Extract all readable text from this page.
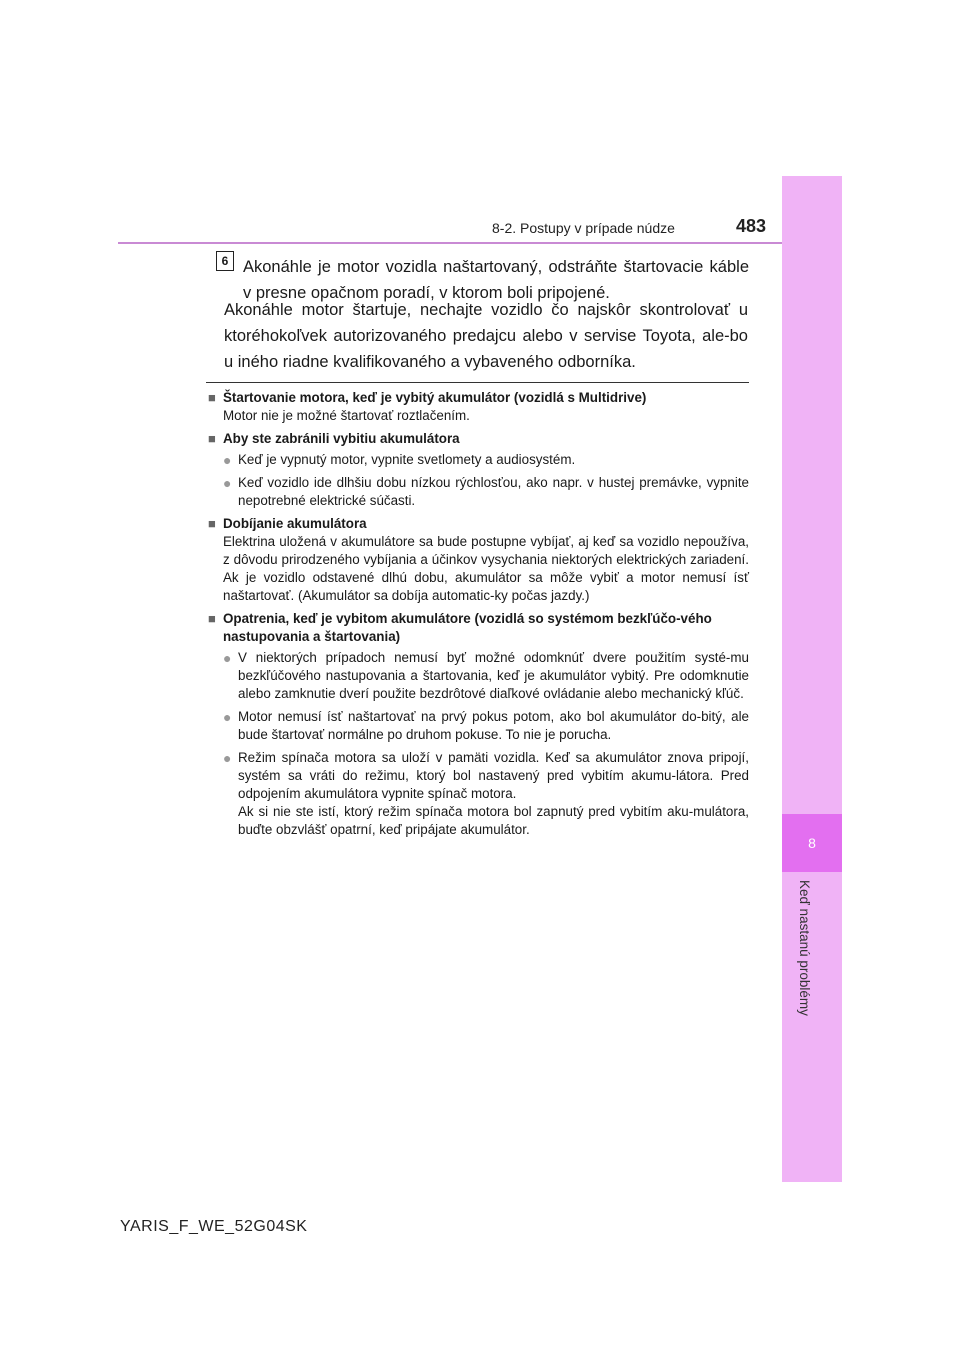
8
Keď nastanú problémy
8-2. Postupy v prípade núdze	483
6 Akonáhle je motor vozidla naštartovaný, odstráňte štartovacie káble v presne opačnom poradí, v ktorom boli pripojené.
Akonáhle motor štartuje, nechajte vozidlo čo najskôr skontrolovať u ktoréhokoľvek autorizovaného predajcu alebo v servise Toyota, ale-bo u iného riadne kvalifikovaného a vybaveného odborníka.
■ Štartovanie motora, keď je vybitý akumulátor (vozidlá s Multidrive)
Motor nie je možné štartovať roztlačením.
■ Aby ste zabránili vybitiu akumulátora
● Keď je vypnutý motor, vypnite svetlomety a audiosystém.
● Keď vozidlo ide dlhšiu dobu nízkou rýchlosťou, ako napr. v hustej premávke, vypnite nepotrebné elektrické súčasti.
■ Dobíjanie akumulátora
Elektrina uložená v akumulátore sa bude postupne vybíjať, aj keď sa vozidlo nepoužíva, z dôvodu prirodzeného vybíjania a účinkov vysychania niektorých elektrických zariadení. Ak je vozidlo odstavené dlhú dobu, akumulátor sa môže vybiť a motor nemusí ísť naštartovať. (Akumulátor sa dobíja automatic-ky počas jazdy.)
■ Opatrenia, keď je vybitom akumulátore (vozidlá so systémom bezkľúčo-vého nastupovania a štartovania)
● V niektorých prípadoch nemusí byť možné odomknúť dvere použitím systé-mu bezkľúčového nastupovania a štartovania, keď je akumulátor vybitý. Pre odomknutie alebo zamknutie dverí použite bezdrôtové diaľkové ovládanie alebo mechanický kľúč.
● Motor nemusí ísť naštartovať na prvý pokus potom, ako bol akumulátor do-bitý, ale bude štartovať normálne po druhom pokuse. To nie je porucha.
● Režim spínača motora sa uloží v pamäti vozidla. Keď sa akumulátor znova pripojí, systém sa vráti do režimu, ktorý bol nastavený pred vybitím akumu-látora. Pred odpojením akumulátora vypnite spínač motora.
Ak si nie ste istí, ktorý režim spínača motora bol zapnutý pred vybitím aku-mulátora, buďte obzvlášť opatrní, keď pripájate akumulátor.
YARIS_F_WE_52G04SK
